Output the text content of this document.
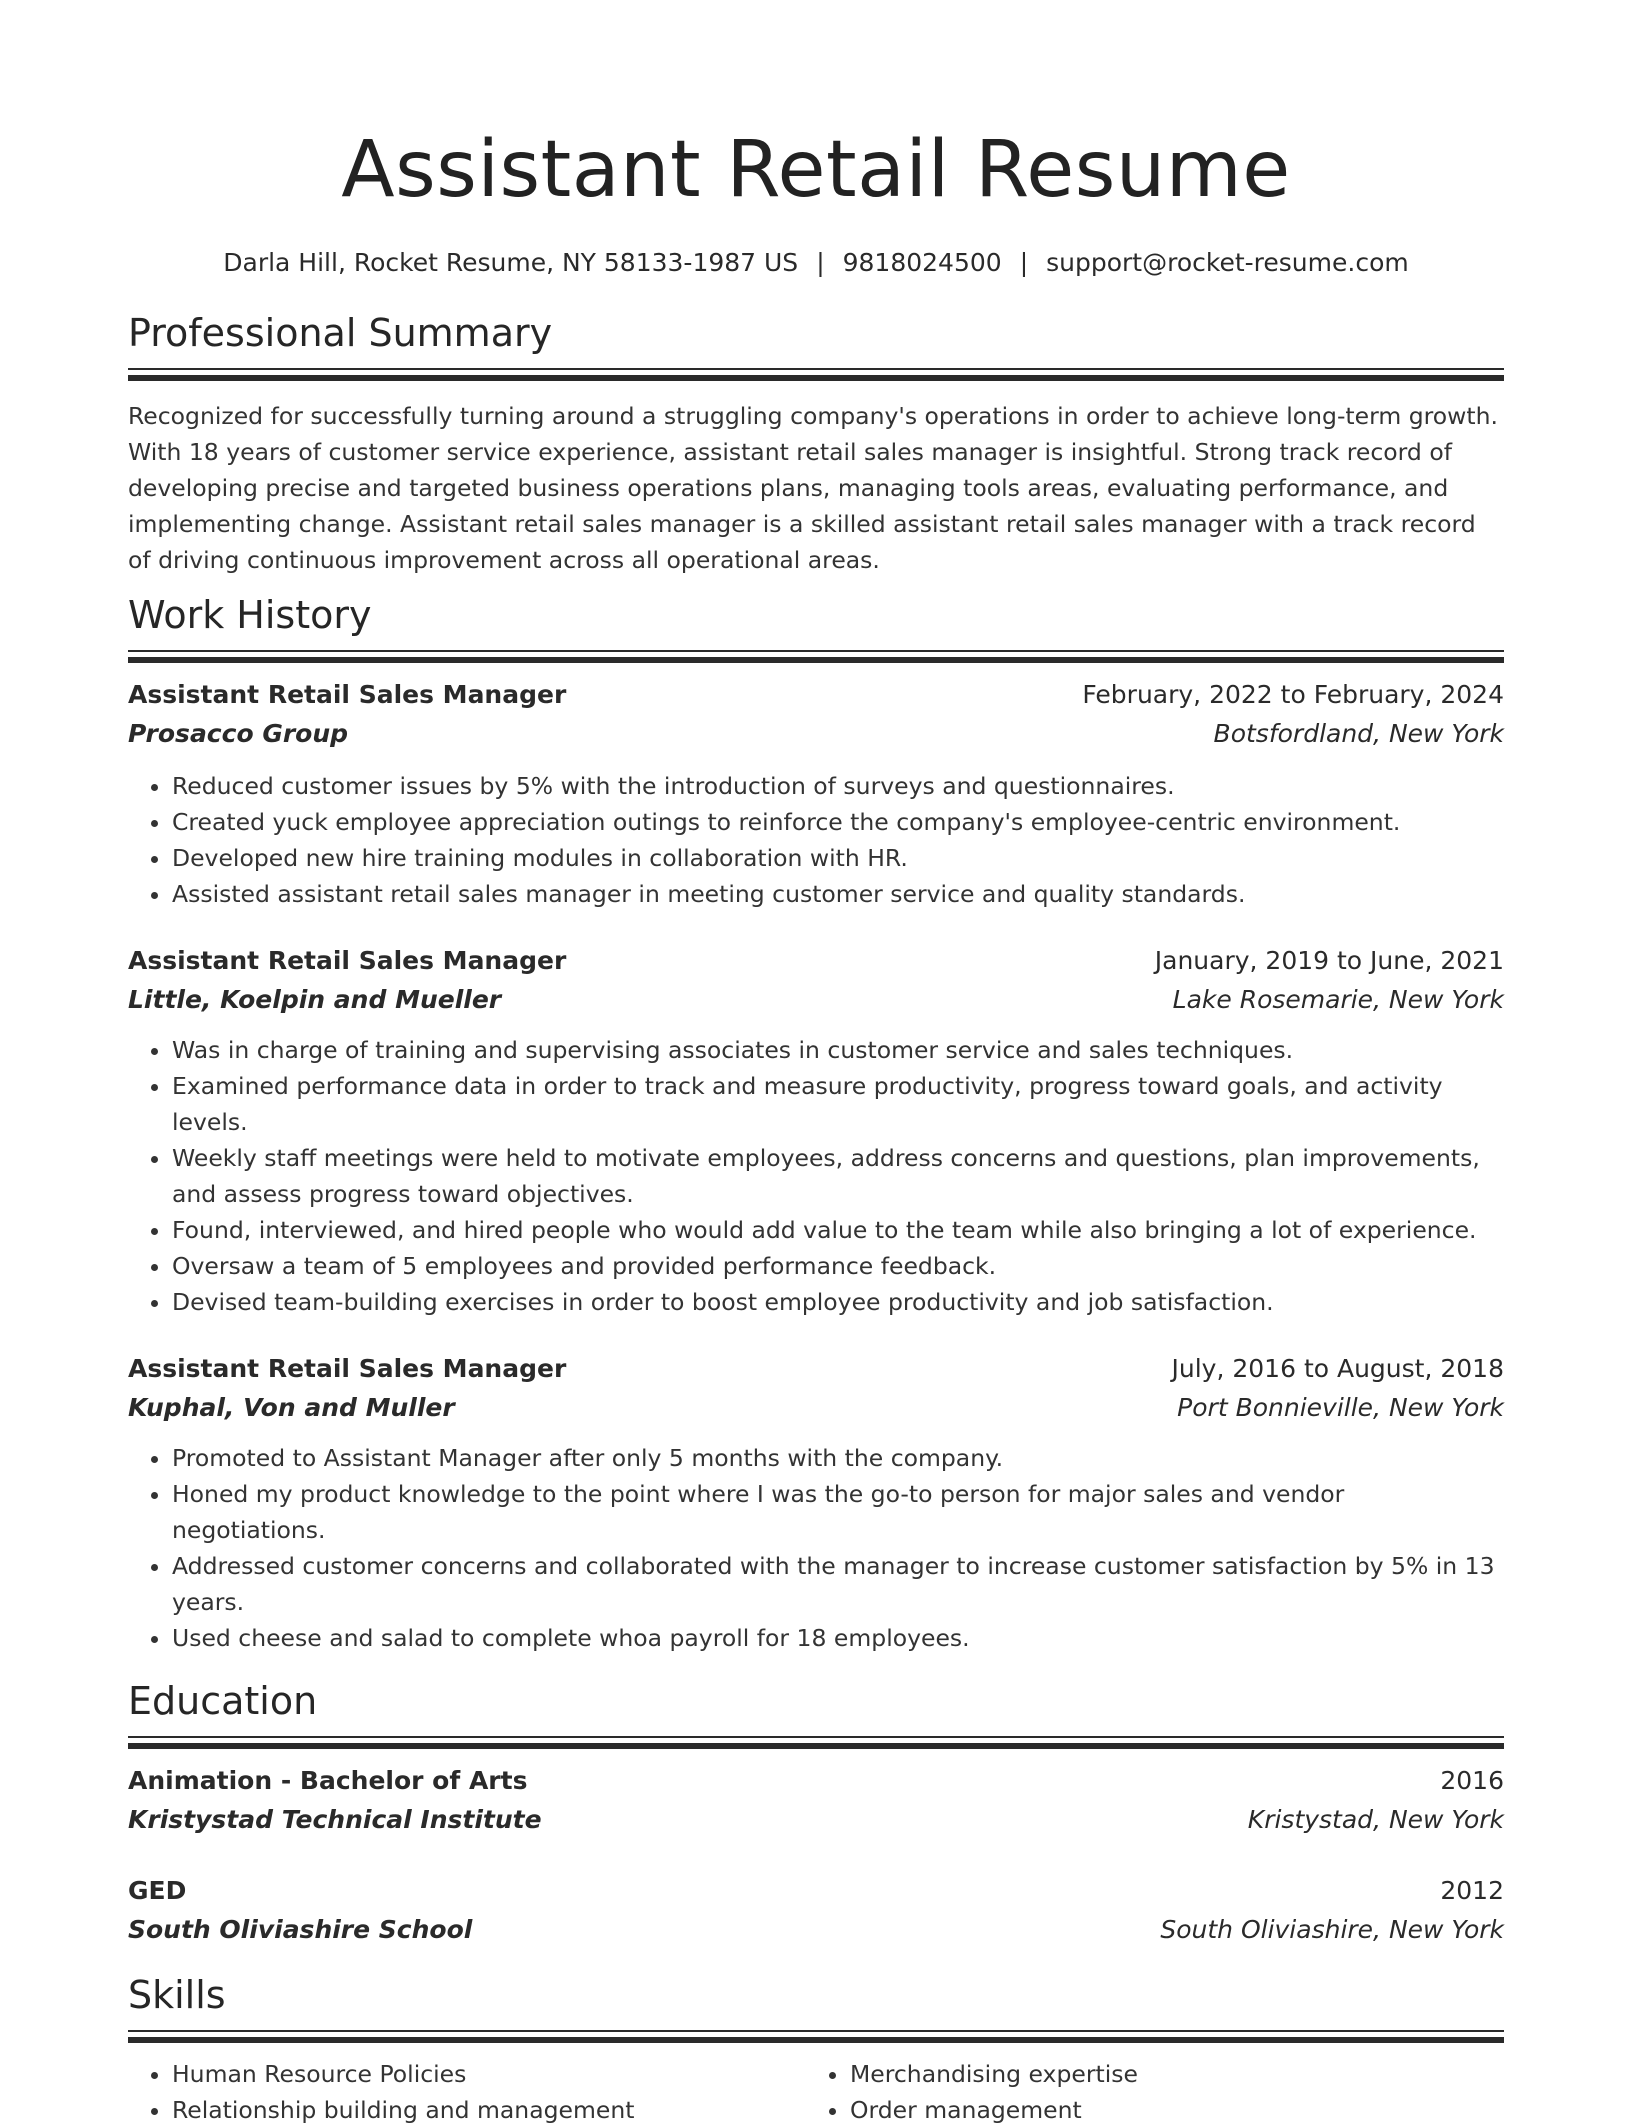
Assistant Retail Resume
Darla Hill, Rocket Resume, NY 58133-1987 US | 9818024500 | support@rocket-resume.com
Professional Summary

Recognized for successfully turning around a struggling company's operations in order to achieve long-term growth. With 18 years of customer service experience, assistant retail sales manager is insightful. Strong track record of developing precise and targeted business operations plans, managing tools areas, evaluating performance, and implementing change. Assistant retail sales manager is a skilled assistant retail sales manager with a track record of driving continuous improvement across all operational areas.

Work History
Assistant Retail Sales Manager	February, 2022 to February, 2024
Prosacco Group	Botsfordland, New York
• Reduced customer issues by 5% with the introduction of surveys and questionnaires.
• Created yuck employee appreciation outings to reinforce the company's employee-centric environment.
• Developed new hire training modules in collaboration with HR.
• Assisted assistant retail sales manager in meeting customer service and quality standards.
Assistant Retail Sales Manager	January, 2019 to June, 2021
Little, Koelpin and Mueller	Lake Rosemarie, New York
• Was in charge of training and supervising associates in customer service and sales techniques.
• Examined performance data in order to track and measure productivity, progress toward goals, and activity levels.
• Weekly staff meetings were held to motivate employees, address concerns and questions, plan improvements, and assess progress toward objectives.
• Found, interviewed, and hired people who would add value to the team while also bringing a lot of experience.
• Oversaw a team of 5 employees and provided performance feedback.
• Devised team-building exercises in order to boost employee productivity and job satisfaction.
Assistant Retail Sales Manager	July, 2016 to August, 2018
Kuphal, Von and Muller	Port Bonnieville, New York
• Promoted to Assistant Manager after only 5 months with the company.
• Honed my product knowledge to the point where I was the go-to person for major sales and vendor negotiations.
• Addressed customer concerns and collaborated with the manager to increase customer satisfaction by 5% in 13 years.
• Used cheese and salad to complete whoa payroll for 18 employees.
Education
Animation - Bachelor of Arts	2016
Kristystad Technical Institute	Kristystad, New York
GED	2012
South Oliviashire School	South Oliviashire, New York
Skills
• Human Resource Policies
• Relationship building and management
• Merchandising expertise
• Order management
